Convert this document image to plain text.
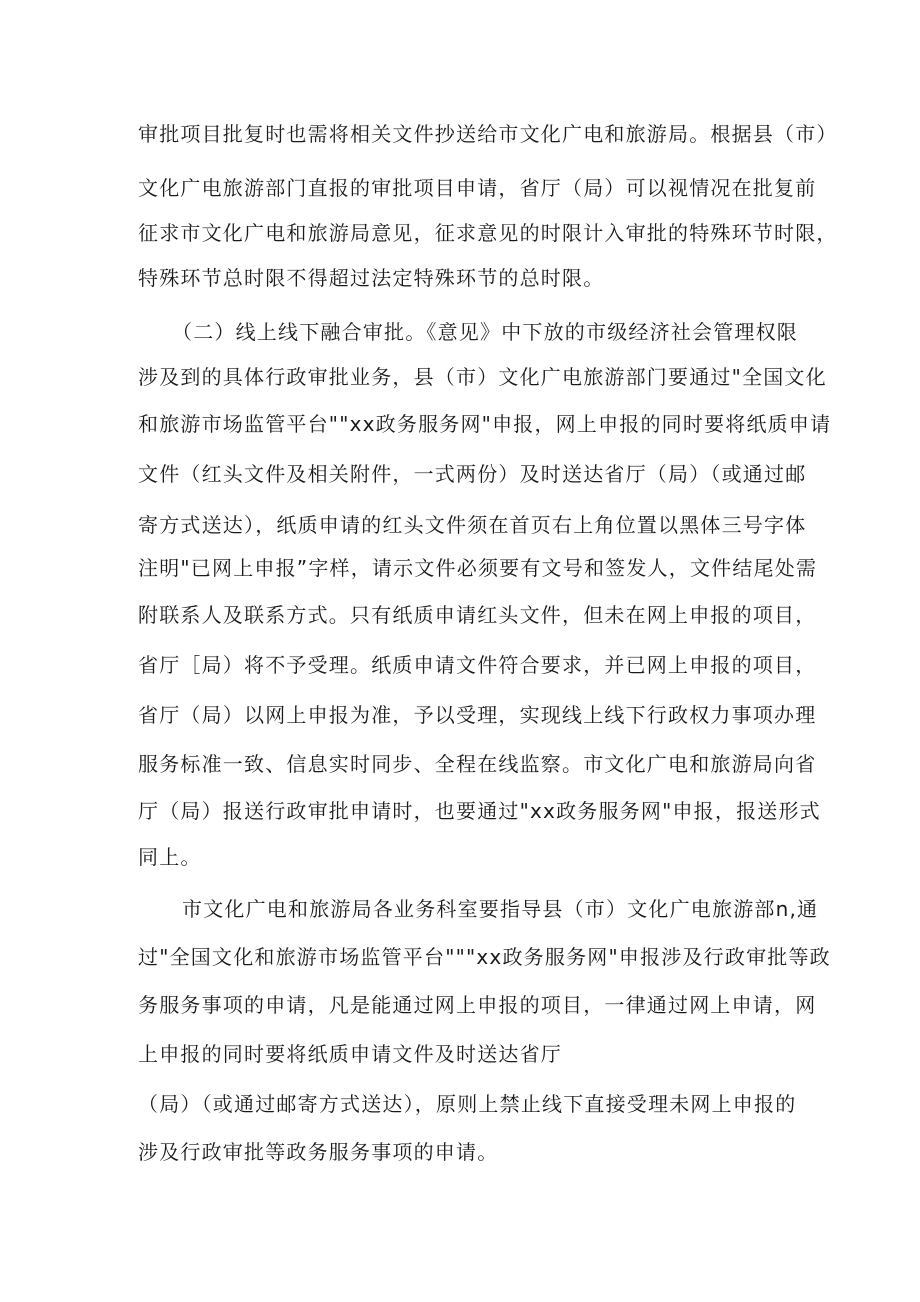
审批项目批复时也需将相关文件抄送给市文化广电和旅游局。根据县（市）
文化广电旅游部门直报的审批项目申请，省厅（局）可以视情况在批复前
征求市文化广电和旅游局意见，征求意见的时限计入审批的特殊环节时限，
特殊环节总时限不得超过法定特殊环节的总时限。
（二）线上线下融合审批。《意见》中下放的市级经济社会管理权限
涉及到的具体行政审批业务，县（市）文化广电旅游部门要通过"全国文化
和旅游市场监管平台""xx政务服务网"申报，网上申报的同时要将纸质申请
文件（红头文件及相关附件，一式两份）及时送达省厅（局）（或通过邮
寄方式送达），纸质申请的红头文件须在首页右上角位置以黑体三号字体
注明"已网上申报”字样，请示文件必须要有文号和签发人，文件结尾处需
附联系人及联系方式。只有纸质申请红头文件，但未在网上申报的项目，
省厅［局）将不予受理。纸质申请文件符合要求，并已网上申报的项目，
省厅（局）以网上申报为准，予以受理，实现线上线下行政权力事项办理
服务标准一致、信息实时同步、全程在线监察。市文化广电和旅游局向省
厅（局）报送行政审批申请时，也要通过"xx政务服务网"申报，报送形式
同上。
市文化广电和旅游局各业务科室要指导县（市）文化广电旅游部n,通
过"全国文化和旅游市场监管平台"""xx政务服务网"申报涉及行政审批等政
务服务事项的申请，凡是能通过网上申报的项目，一律通过网上申请，网
上申报的同时要将纸质申请文件及时送达省厅
（局）（或通过邮寄方式送达），原则上禁止线下直接受理未网上申报的
涉及行政审批等政务服务事项的申请。
